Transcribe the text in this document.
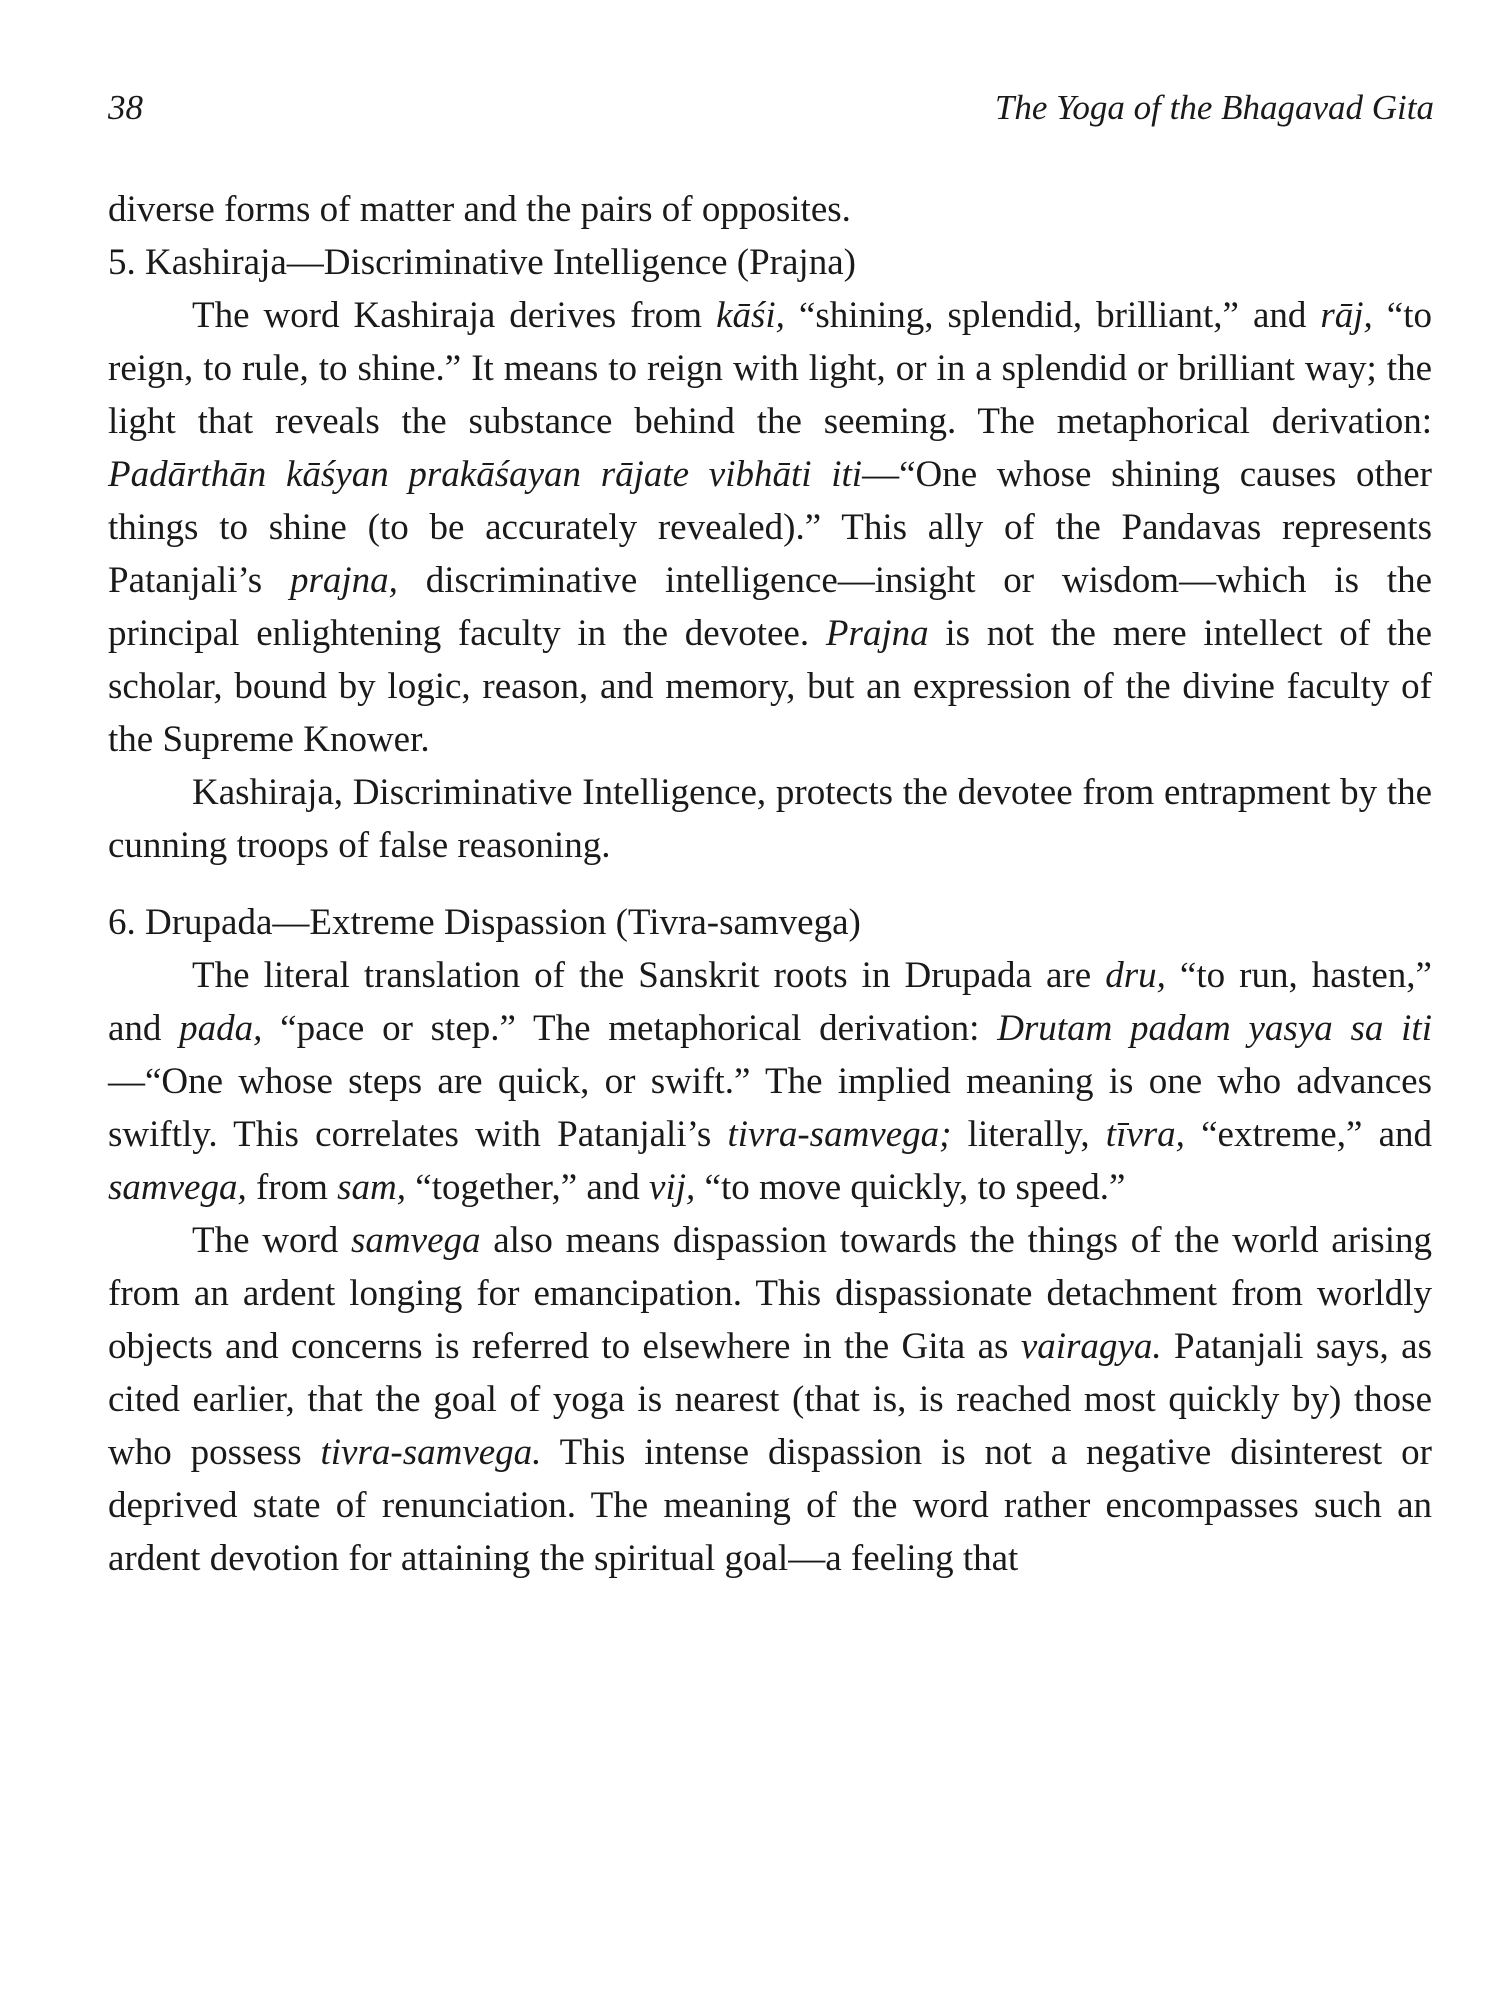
38	The Yoga of the Bhagavad Gita

diverse forms of matter and the pairs of opposites.

5. Kashiraja—Discriminative Intelligence (Prajna)

The word Kashiraja derives from kāśi, “shining, splendid, brilliant,” and rāj, “to reign, to rule, to shine.” It means to reign with light, or in a splendid or brilliant way; the light that reveals the substance behind the seeming. The metaphorical derivation: Padārthān kāśyan prakāśayan rājate vibhāti iti—“One whose shining causes other things to shine (to be accurately revealed).” This ally of the Pandavas represents Patanjali’s prajna, discriminative intelligence—insight or wisdom—which is the principal enlightening faculty in the devotee. Prajna is not the mere intellect of the scholar, bound by logic, reason, and memory, but an expression of the divine faculty of the Supreme Knower.

Kashiraja, Discriminative Intelligence, protects the devotee from entrapment by the cunning troops of false reasoning.

6. Drupada—Extreme Dispassion (Tivra-samvega)

The literal translation of the Sanskrit roots in Drupada are dru, “to run, hasten,” and pada, “pace or step.” The metaphorical derivation: Drutam padam yasya sa iti—“One whose steps are quick, or swift.” The implied meaning is one who advances swiftly. This correlates with Patanjali’s tivra-samvega; literally, tīvra, “extreme,” and samvega, from sam, “together,” and vij, “to move quickly, to speed.”

The word samvega also means dispassion towards the things of the world arising from an ardent longing for emancipation. This dispassionate detachment from worldly objects and concerns is referred to elsewhere in the Gita as vairagya. Patanjali says, as cited earlier, that the goal of yoga is nearest (that is, is reached most quickly by) those who possess tivra-samvega. This intense dispassion is not a negative disinterest or deprived state of renunciation. The meaning of the word rather encompasses such an ardent devotion for attaining the spiritual goal—a feeling that
